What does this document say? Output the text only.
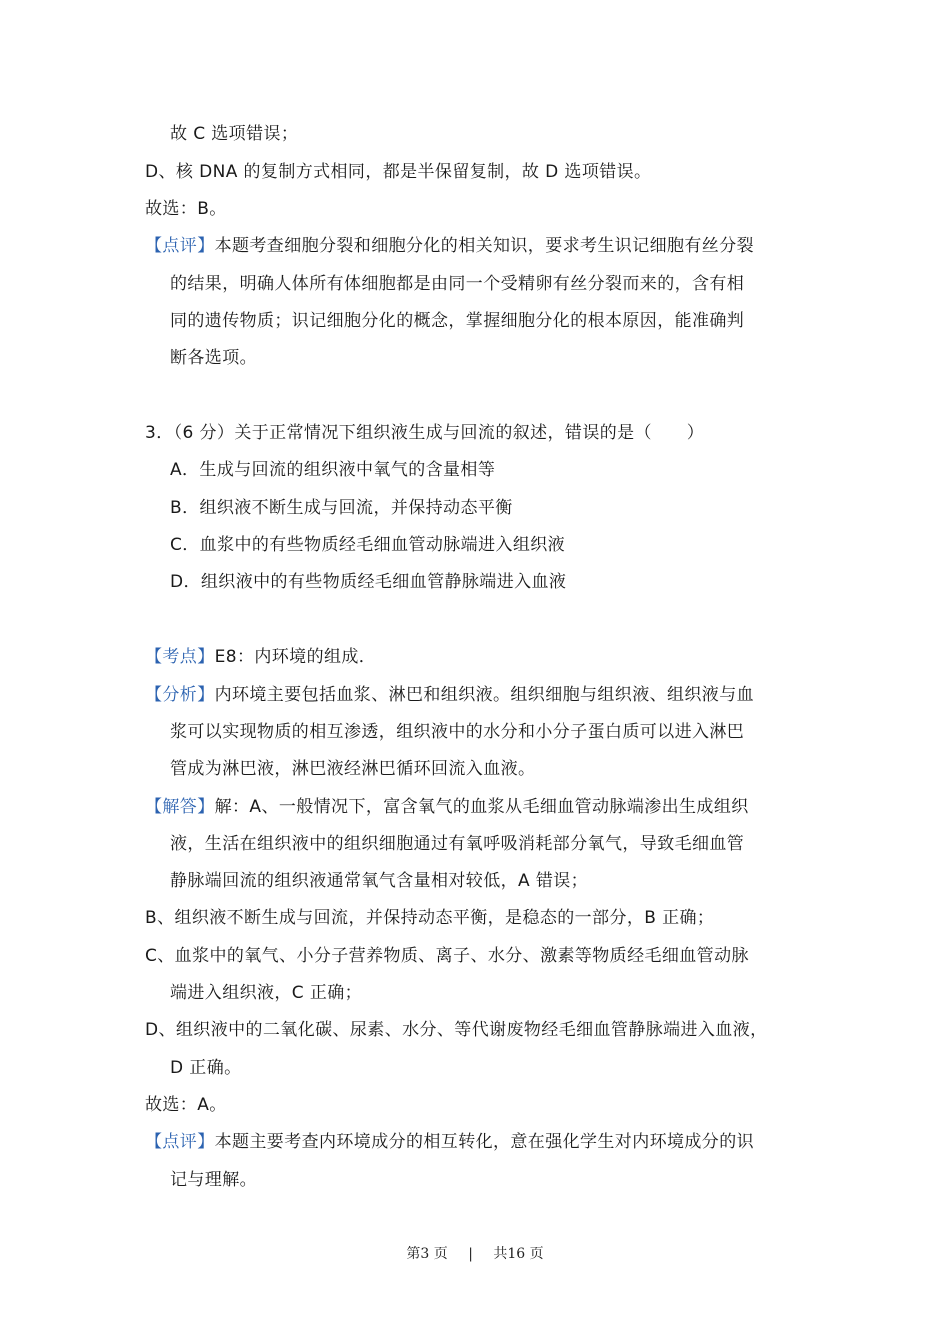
故 C 选项错误；
D、核 DNA 的复制方式相同，都是半保留复制，故 D 选项错误。
故选：B。
【点评】本题考查细胞分裂和细胞分化的相关知识，要求考生识记细胞有丝分裂
的结果，明确人体所有体细胞都是由同一个受精卵有丝分裂而来的，含有相
同的遗传物质；识记细胞分化的概念，掌握细胞分化的根本原因，能准确判
断各选项。
3．（6 分）关于正常情况下组织液生成与回流的叙述，错误的是（　　）
A．生成与回流的组织液中氧气的含量相等
B．组织液不断生成与回流，并保持动态平衡
C．血浆中的有些物质经毛细血管动脉端进入组织液
D．组织液中的有些物质经毛细血管静脉端进入血液
【考点】E8：内环境的组成．
【分析】内环境主要包括血浆、淋巴和组织液。组织细胞与组织液、组织液与血
浆可以实现物质的相互渗透，组织液中的水分和小分子蛋白质可以进入淋巴
管成为淋巴液，淋巴液经淋巴循环回流入血液。
【解答】解：A、一般情况下，富含氧气的血浆从毛细血管动脉端渗出生成组织
液，生活在组织液中的组织细胞通过有氧呼吸消耗部分氧气，导致毛细血管
静脉端回流的组织液通常氧气含量相对较低，A 错误；
B、组织液不断生成与回流，并保持动态平衡，是稳态的一部分，B 正确；
C、血浆中的氧气、小分子营养物质、离子、水分、激素等物质经毛细血管动脉
端进入组织液，C 正确；
D、组织液中的二氧化碳、尿素、水分、等代谢废物经毛细血管静脉端进入血液，
D 正确。
故选：A。
【点评】本题主要考查内环境成分的相互转化，意在强化学生对内环境成分的识
记与理解。
第3 页 | 共16 页
